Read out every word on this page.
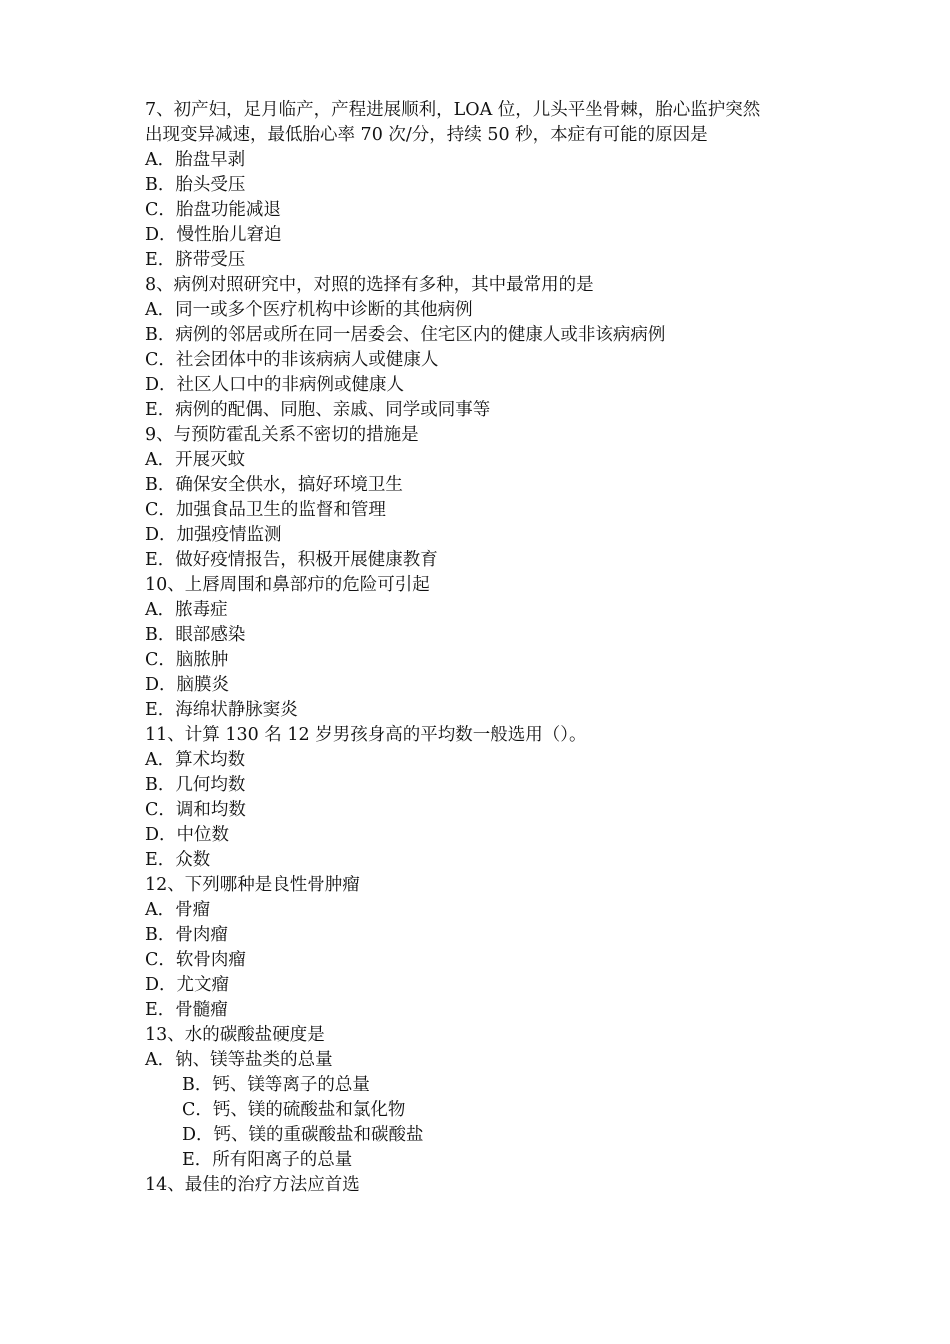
7、初产妇，足月临产，产程进展顺利，LOA 位，儿头平坐骨棘，胎心监护突然
出现变异减速，最低胎心率 70 次/分，持续 50 秒，本症有可能的原因是
A．胎盘早剥
B．胎头受压
C．胎盘功能减退
D．慢性胎儿窘迫
E．脐带受压
8、病例对照研究中，对照的选择有多种，其中最常用的是
A．同一或多个医疗机构中诊断的其他病例
B．病例的邻居或所在同一居委会、住宅区内的健康人或非该病病例
C．社会团体中的非该病病人或健康人
D．社区人口中的非病例或健康人
E．病例的配偶、同胞、亲戚、同学或同事等
9、与预防霍乱关系不密切的措施是
A．开展灭蚊
B．确保安全供水，搞好环境卫生
C．加强食品卫生的监督和管理
D．加强疫情监测
E．做好疫情报告，积极开展健康教育
10、上唇周围和鼻部疖的危险可引起
A．脓毒症
B．眼部感染
C．脑脓肿
D．脑膜炎
E．海绵状静脉窦炎
11、计算 130 名 12 岁男孩身高的平均数一般选用（）。
A．算术均数
B．几何均数
C．调和均数
D．中位数
E．众数
12、下列哪种是良性骨肿瘤
A．骨瘤
B．骨肉瘤
C．软骨肉瘤
D．尤文瘤
E．骨髓瘤
13、水的碳酸盐硬度是
A．钠、镁等盐类的总量
B．钙、镁等离子的总量
C．钙、镁的硫酸盐和氯化物
D．钙、镁的重碳酸盐和碳酸盐
E．所有阳离子的总量
14、最佳的治疗方法应首选
